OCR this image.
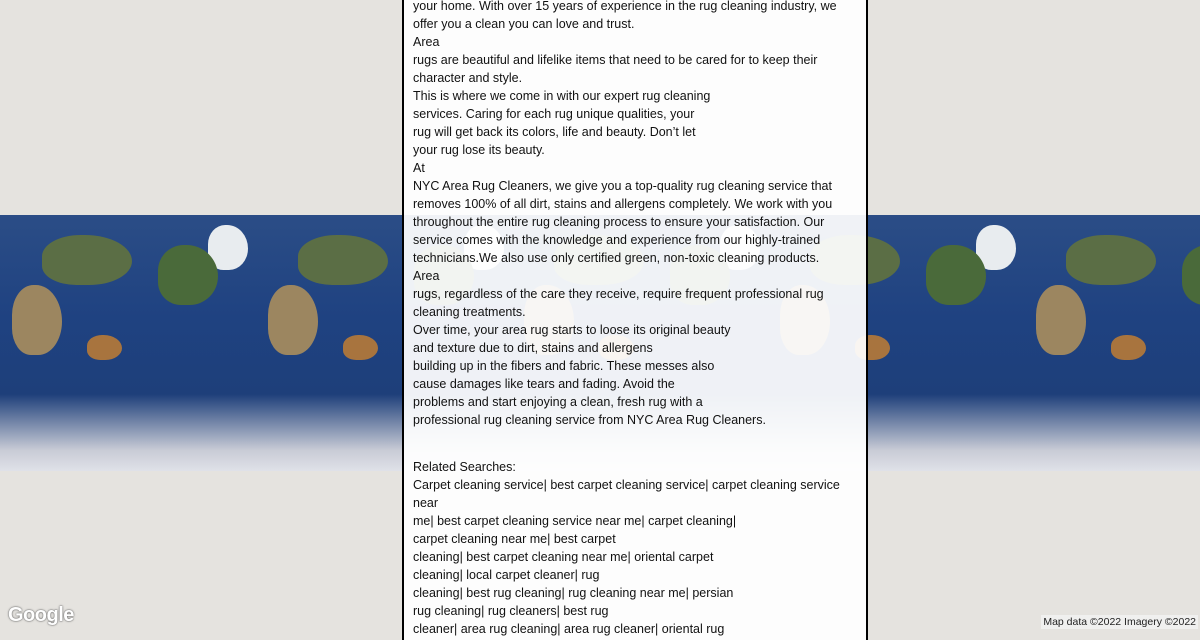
Google	Map data ©2022 Imagery ©2022
your home. With over 15 years of experience in the rug cleaning industry, we
offer you a clean you can love and trust.
Area
rugs are beautiful and lifelike items that need to be cared for to keep their
character and style.
This is where we come in with our expert rug cleaning
services. Caring for each rug unique qualities, your
rug will get back its colors, life and beauty. Don’t let
your rug lose its beauty.
At
NYC Area Rug Cleaners, we give you a top-quality rug cleaning service that
removes 100% of all dirt, stains and allergens completely. We work with you
throughout the entire rug cleaning process to ensure your satisfaction. Our
service comes with the knowledge and experience from our highly-trained
technicians.We also use only certified green, non-toxic cleaning products.
Area
rugs, regardless of the care they receive, require frequent professional rug
cleaning treatments.
Over time, your area rug starts to loose its original beauty
and texture due to dirt, stains and allergens
building up in the fibers and fabric. These messes also
cause damages like tears and fading. Avoid the
problems and start enjoying a clean, fresh rug with a
professional rug cleaning service from NYC Area Rug Cleaners.
Related Searches:
Carpet cleaning service| best carpet cleaning service| carpet cleaning service
near
me| best carpet cleaning service near me| carpet cleaning|
carpet cleaning near me| best carpet
cleaning| best carpet cleaning near me| oriental carpet
cleaning| local carpet cleaner| rug
cleaning| best rug cleaning| rug cleaning near me| persian
rug cleaning| rug cleaners| best rug
cleaner| area rug cleaning| area rug cleaner| oriental rug
